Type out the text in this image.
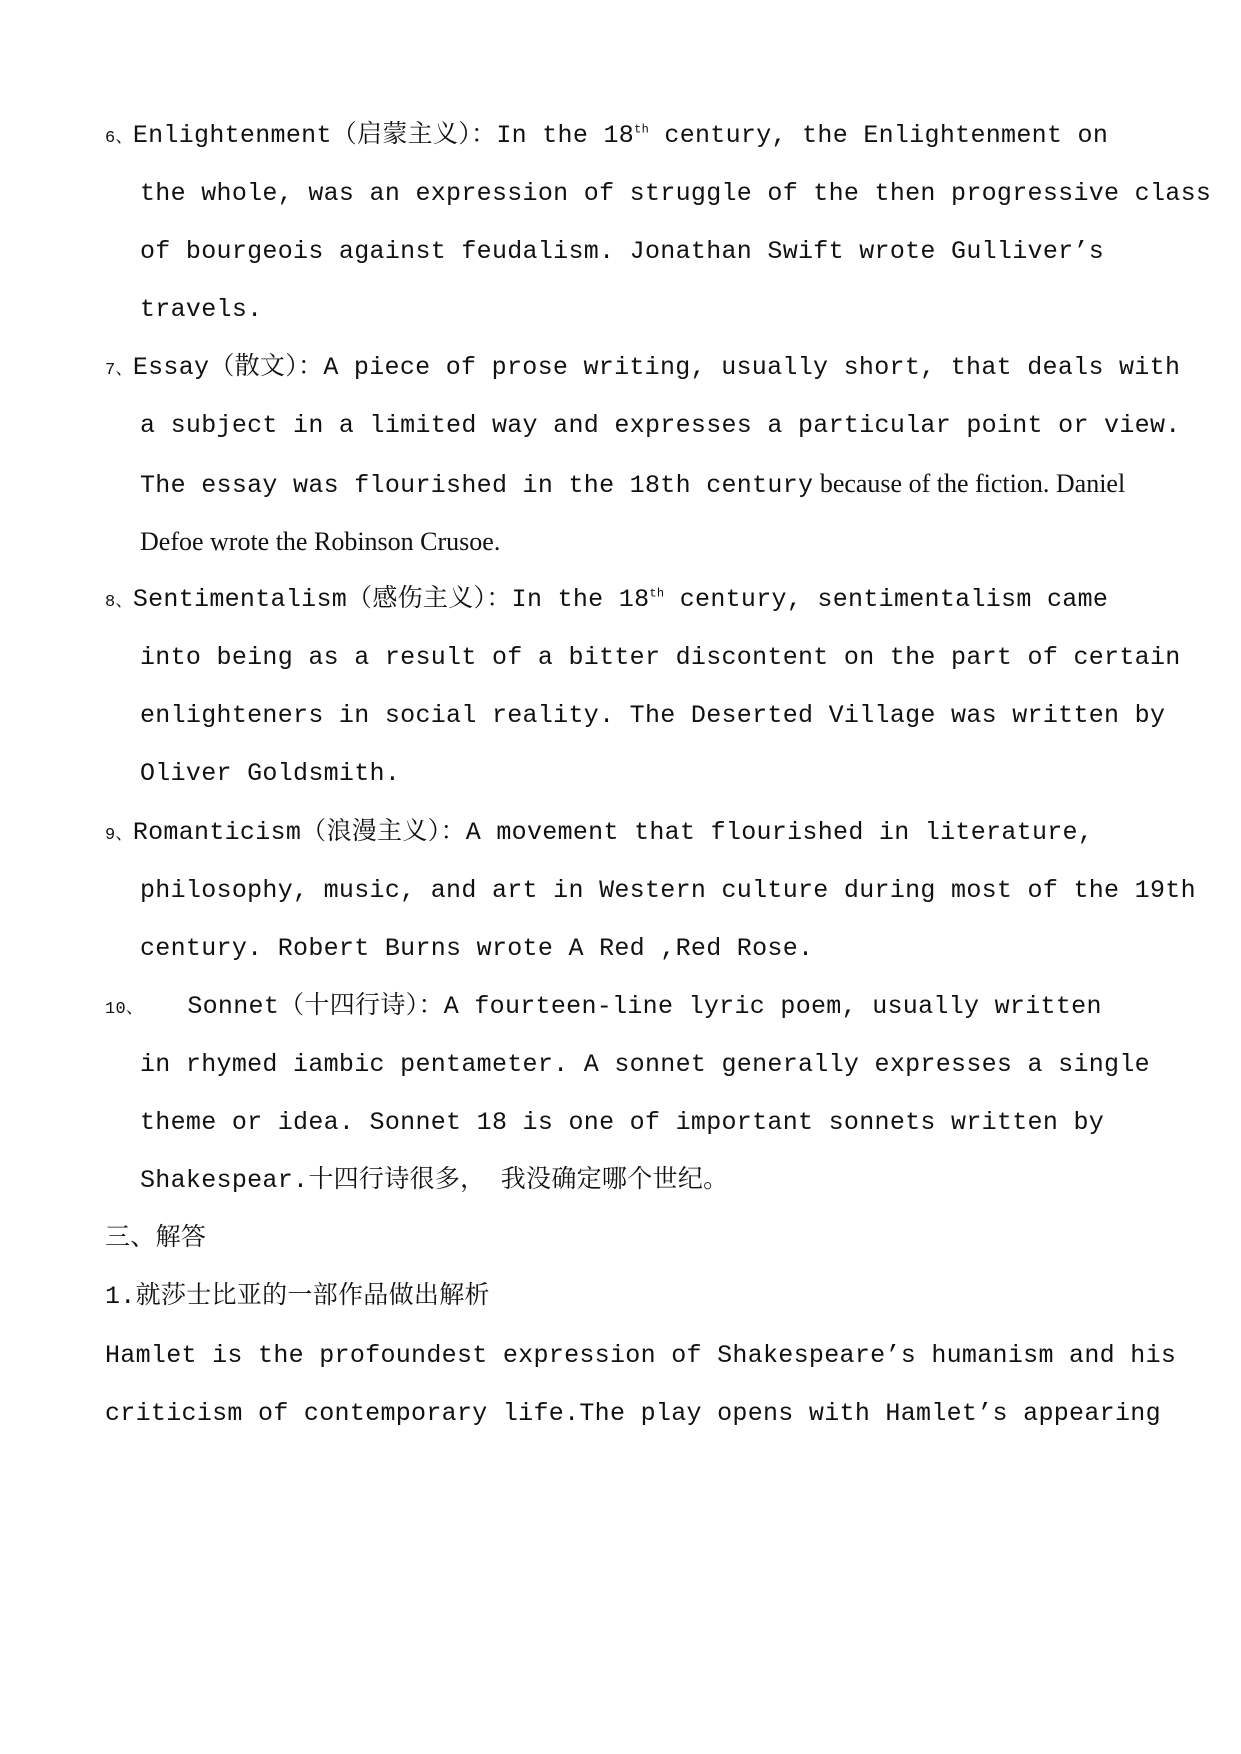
6、Enlightenment（启蒙主义）：In the 18th century, the Enlightenment on
the whole, was an expression of struggle of the then progressive class
of bourgeois against feudalism. Jonathan Swift wrote Gulliver’s
travels.
7、Essay（散文）：A piece of prose writing, usually short, that deals with
a subject in a limited way and expresses a particular point or view.
The essay was flourished in the 18th century because of the fiction. Daniel
Defoe wrote the Robinson Crusoe.
8、Sentimentalism（感伤主义）：In the 18th century, sentimentalism came
into being as a result of a bitter discontent on the part of certain
enlighteners in social reality. The Deserted Village was written by
Oliver Goldsmith.
9、Romanticism（浪漫主义）：A movement that flourished in literature,
philosophy, music, and art in Western culture during most of the 19th
century. Robert Burns wrote A Red ,Red Rose.
10、 Sonnet（十四行诗）：A fourteen-line lyric poem, usually written
in rhymed iambic pentameter. A sonnet generally expresses a single
theme or idea. Sonnet 18 is one of important sonnets written by
Shakespear.十四行诗很多， 我没确定哪个世纪。
三、解答
1.就莎士比亚的一部作品做出解析
Hamlet is the profoundest expression of Shakespeare’s humanism and his
criticism of contemporary life.The play opens with Hamlet’s appearing
